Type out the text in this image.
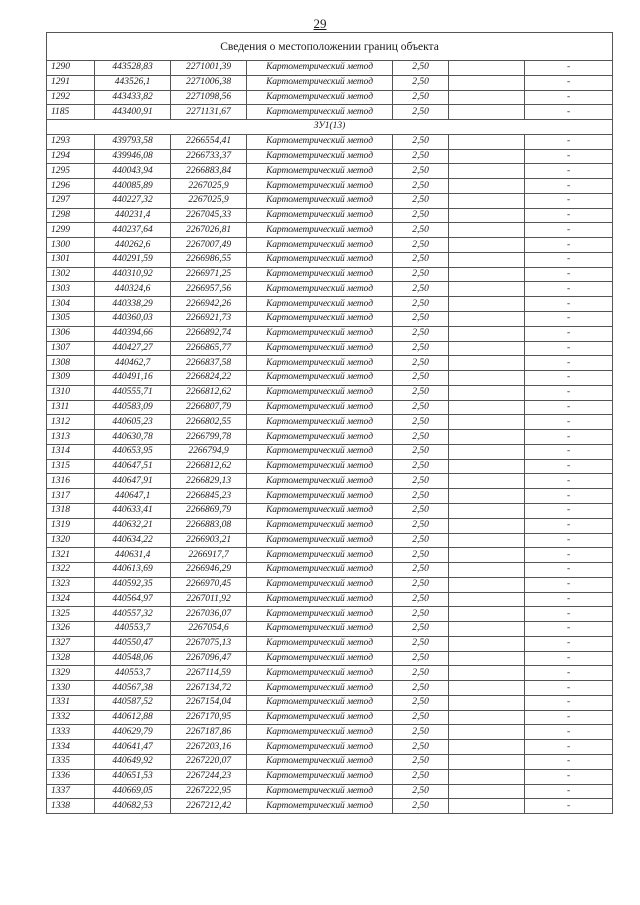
29
Сведения о местоположении границ объекта						
1290	443528,83	2271001,39	Картометрический метод	2,50		-
1291	443526,1	2271006,38	Картометрический метод	2,50		-
1292	443433,82	2271098,56	Картометрический метод	2,50		-
1185	443400,91	2271131,67	Картометрический метод	2,50		-
ЗУ1(13)						
1293	439793,58	2266554,41	Картометрический метод	2,50		-
1294	439946,08	2266733,37	Картометрический метод	2,50		-
1295	440043,94	2266883,84	Картометрический метод	2,50		-
1296	440085,89	2267025,9	Картометрический метод	2,50		-
1297	440227,32	2267025,9	Картометрический метод	2,50		-
1298	440231,4	2267045,33	Картометрический метод	2,50		-
1299	440237,64	2267026,81	Картометрический метод	2,50		-
1300	440262,6	2267007,49	Картометрический метод	2,50		-
1301	440291,59	2266986,55	Картометрический метод	2,50		-
1302	440310,92	2266971,25	Картометрический метод	2,50		-
1303	440324,6	2266957,56	Картометрический метод	2,50		-
1304	440338,29	2266942,26	Картометрический метод	2,50		-
1305	440360,03	2266921,73	Картометрический метод	2,50		-
1306	440394,66	2266892,74	Картометрический метод	2,50		-
1307	440427,27	2266865,77	Картометрический метод	2,50		-
1308	440462,7	2266837,58	Картометрический метод	2,50		-
1309	440491,16	2266824,22	Картометрический метод	2,50		-
1310	440555,71	2266812,62	Картометрический метод	2,50		-
1311	440583,09	2266807,79	Картометрический метод	2,50		-
1312	440605,23	2266802,55	Картометрический метод	2,50		-
1313	440630,78	2266799,78	Картометрический метод	2,50		-
1314	440653,95	2266794,9	Картометрический метод	2,50		-
1315	440647,51	2266812,62	Картометрический метод	2,50		-
1316	440647,91	2266829,13	Картометрический метод	2,50		-
1317	440647,1	2266845,23	Картометрический метод	2,50		-
1318	440633,41	2266869,79	Картометрический метод	2,50		-
1319	440632,21	2266883,08	Картометрический метод	2,50		-
1320	440634,22	2266903,21	Картометрический метод	2,50		-
1321	440631,4	2266917,7	Картометрический метод	2,50		-
1322	440613,69	2266946,29	Картометрический метод	2,50		-
1323	440592,35	2266970,45	Картометрический метод	2,50		-
1324	440564,97	2267011,92	Картометрический метод	2,50		-
1325	440557,32	2267036,07	Картометрический метод	2,50		-
1326	440553,7	2267054,6	Картометрический метод	2,50		-
1327	440550,47	2267075,13	Картометрический метод	2,50		-
1328	440548,06	2267096,47	Картометрический метод	2,50		-
1329	440553,7	2267114,59	Картометрический метод	2,50		-
1330	440567,38	2267134,72	Картометрический метод	2,50		-
1331	440587,52	2267154,04	Картометрический метод	2,50		-
1332	440612,88	2267170,95	Картометрический метод	2,50		-
1333	440629,79	2267187,86	Картометрический метод	2,50		-
1334	440641,47	2267203,16	Картометрический метод	2,50		-
1335	440649,92	2267220,07	Картометрический метод	2,50		-
1336	440651,53	2267244,23	Картометрический метод	2,50		-
1337	440669,05	2267222,95	Картометрический метод	2,50		-
1338	440682,53	2267212,42	Картометрический метод	2,50		-
